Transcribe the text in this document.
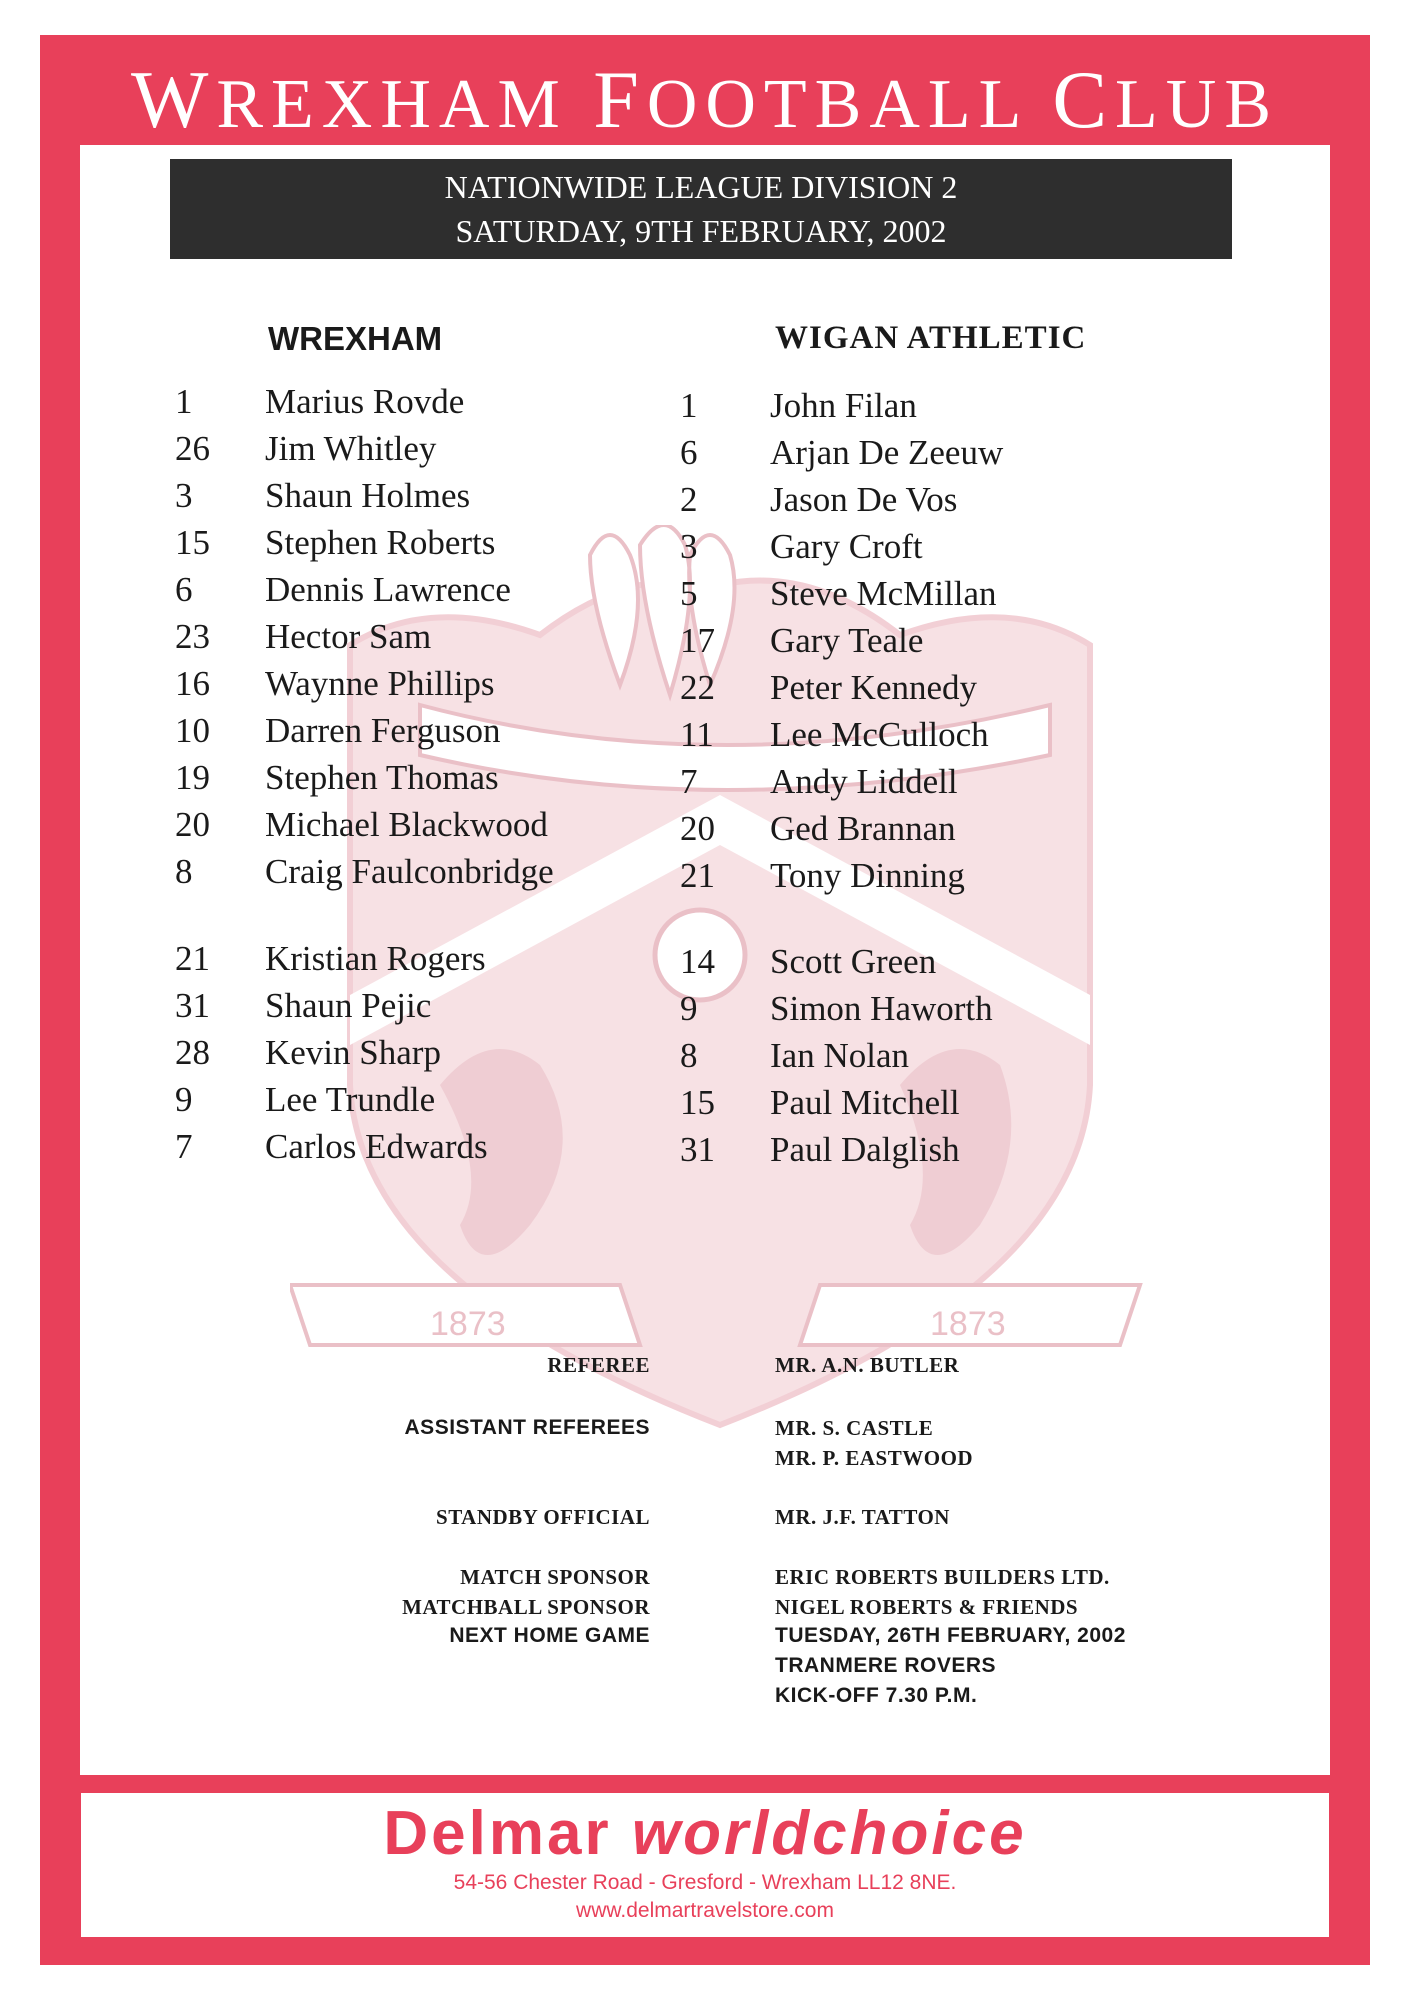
WREXHAM FOOTBALL CLUB
1873	1873
NATIONWIDE LEAGUE DIVISION 2
SATURDAY, 9TH FEBRUARY, 2002
WREXHAM	WIGAN ATHLETIC
1 Marius Rovde
26 Jim Whitley
3 Shaun Holmes
15 Stephen Roberts
6 Dennis Lawrence
23 Hector Sam
16 Waynne Phillips
10 Darren Ferguson
19 Stephen Thomas
20 Michael Blackwood
8 Craig Faulconbridge
21 Kristian Rogers
31 Shaun Pejic
28 Kevin Sharp
9 Lee Trundle
7 Carlos Edwards
1 John Filan
6 Arjan De Zeeuw
2 Jason De Vos
3 Gary Croft
5 Steve McMillan
17 Gary Teale
22 Peter Kennedy
11 Lee McCulloch
7 Andy Liddell
20 Ged Brannan
21 Tony Dinning
14 Scott Green
9 Simon Haworth
8 Ian Nolan
15 Paul Mitchell
31 Paul Dalglish
REFEREE	MR. A.N. BUTLER
ASSISTANT REFEREES	MR. S. CASTLE
MR. P. EASTWOOD
STANDBY OFFICIAL	MR. J.F. TATTON
MATCH SPONSOR	ERIC ROBERTS BUILDERS LTD.
MATCHBALL SPONSOR	NIGEL ROBERTS & FRIENDS
NEXT HOME GAME	TUESDAY, 26TH FEBRUARY, 2002
TRANMERE ROVERS
KICK-OFF 7.30 P.M.
Delmar worldchoice
54-56 Chester Road - Gresford - Wrexham LL12 8NE.
www.delmartravelstore.com
